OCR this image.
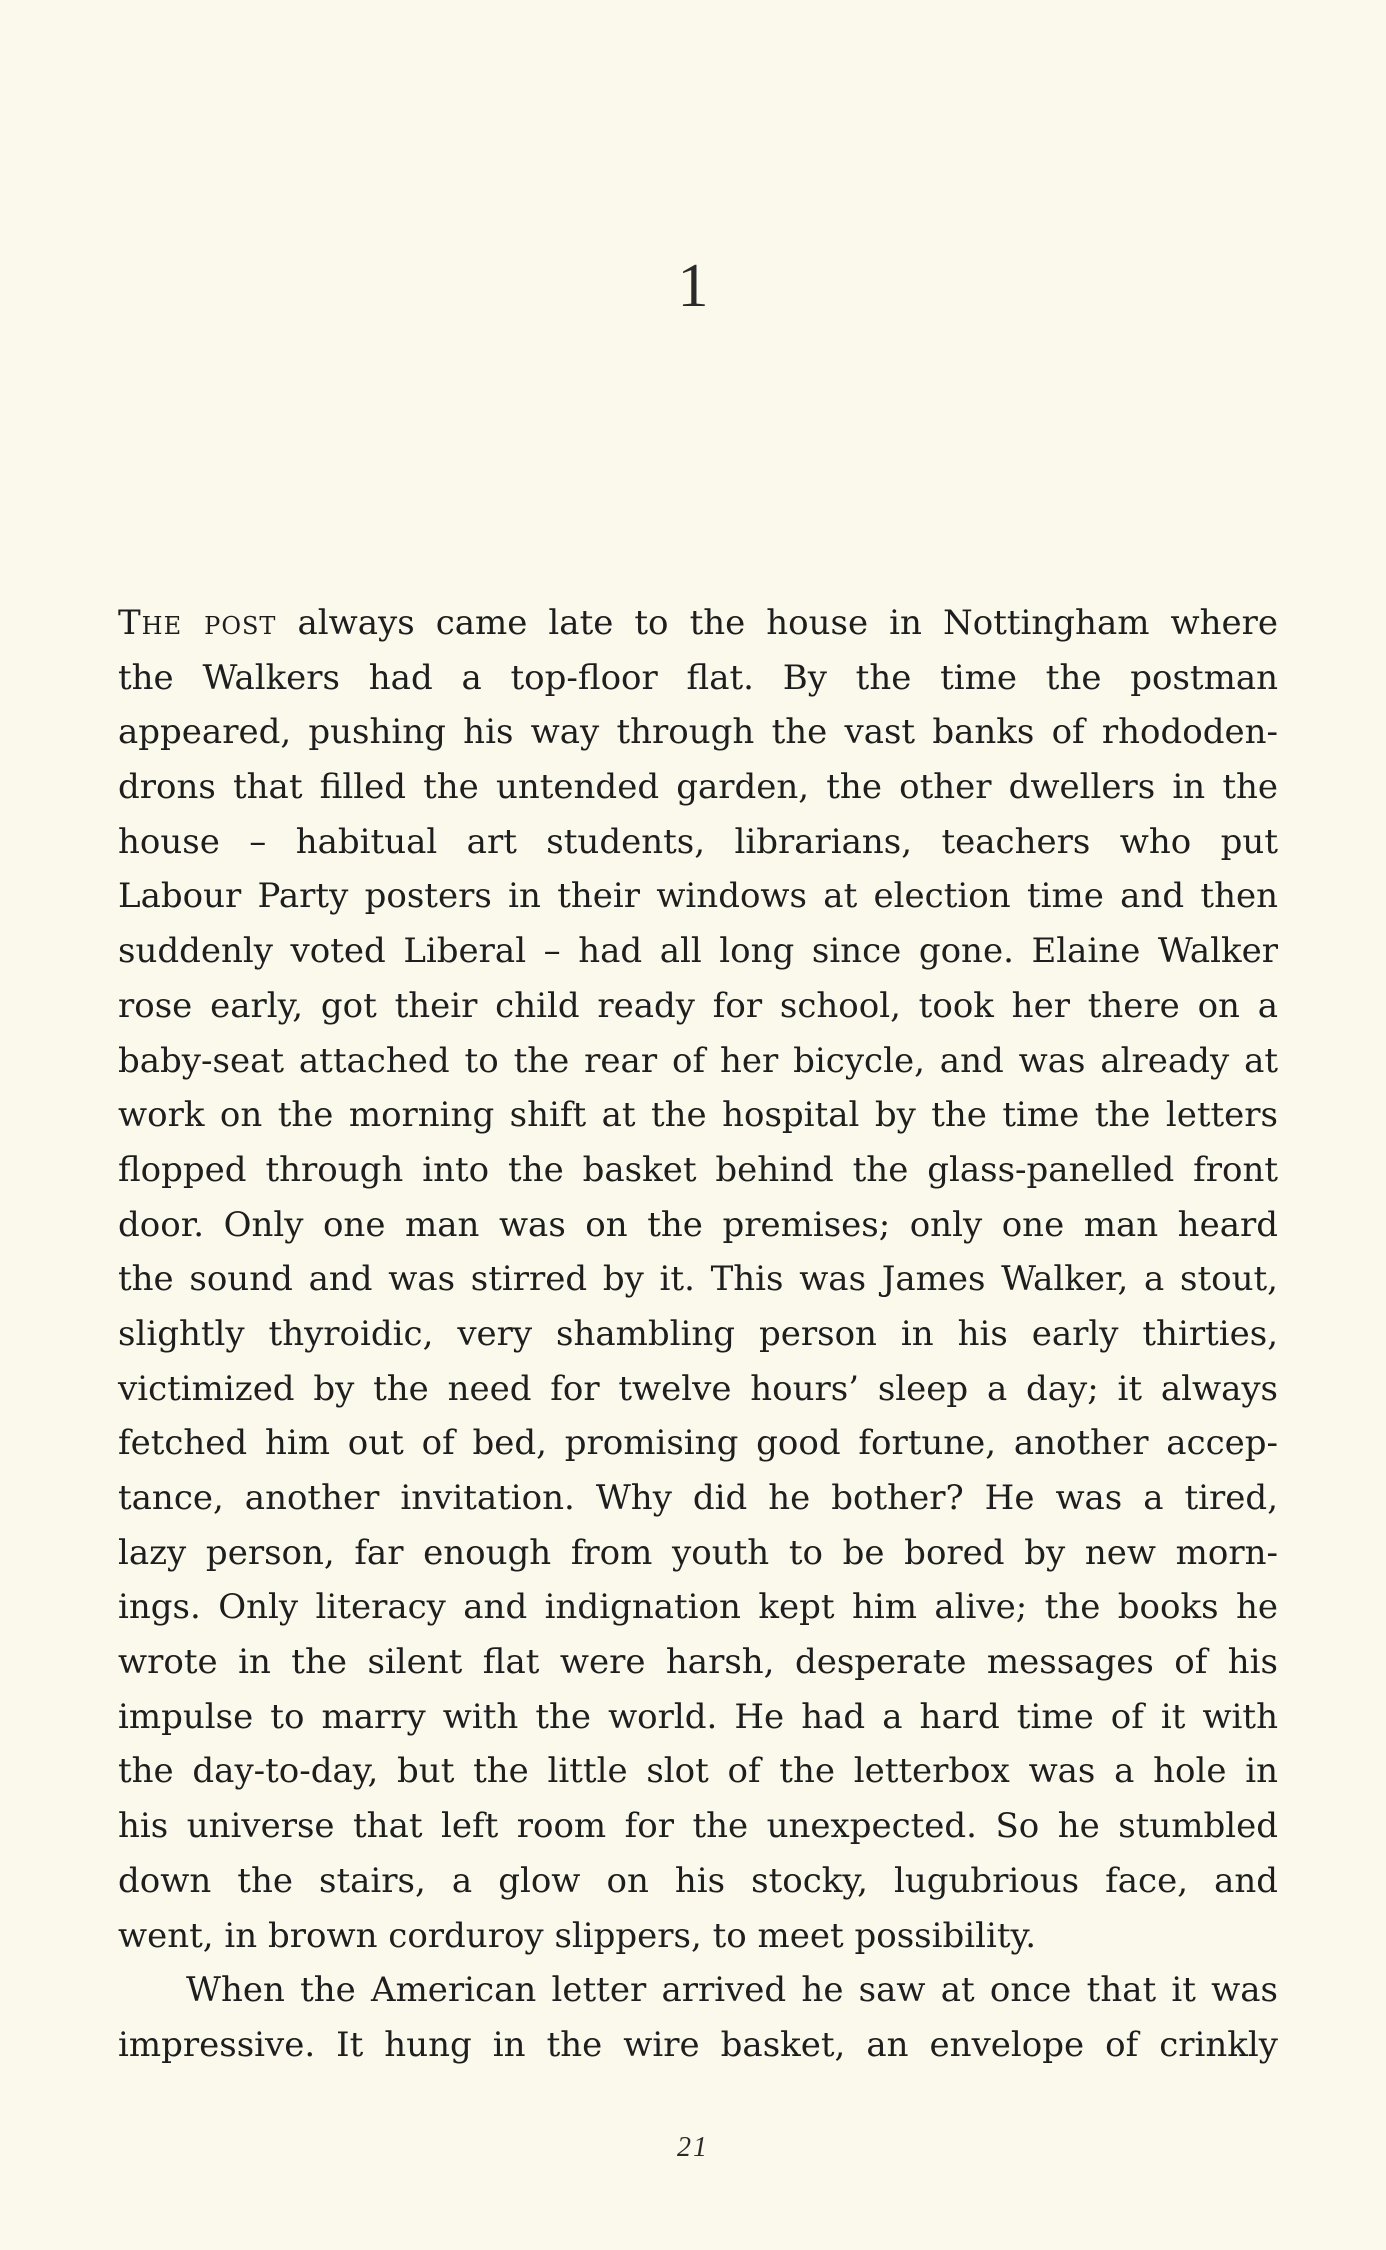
1
The post always came late to the house in Nottingham where
the Walkers had a top-floor flat. By the time the postman
appeared, pushing his way through the vast banks of rhododen-
drons that filled the untended garden, the other dwellers in the
house – habitual art students, librarians, teachers who put
Labour Party posters in their windows at election time and then
suddenly voted Liberal – had all long since gone. Elaine Walker
rose early, got their child ready for school, took her there on a
baby-seat attached to the rear of her bicycle, and was already at
work on the morning shift at the hospital by the time the letters
flopped through into the basket behind the glass-panelled front
door. Only one man was on the premises; only one man heard
the sound and was stirred by it. This was James Walker, a stout,
slightly thyroidic, very shambling person in his early thirties,
victimized by the need for twelve hours’ sleep a day; it always
fetched him out of bed, promising good fortune, another accep-
tance, another invitation. Why did he bother? He was a tired,
lazy person, far enough from youth to be bored by new morn-
ings. Only literacy and indignation kept him alive; the books he
wrote in the silent flat were harsh, desperate messages of his
impulse to marry with the world. He had a hard time of it with
the day-to-day, but the little slot of the letterbox was a hole in
his universe that left room for the unexpected. So he stumbled
down the stairs, a glow on his stocky, lugubrious face, and
went, in brown corduroy slippers, to meet possibility.
When the American letter arrived he saw at once that it was
impressive. It hung in the wire basket, an envelope of crinkly
21
